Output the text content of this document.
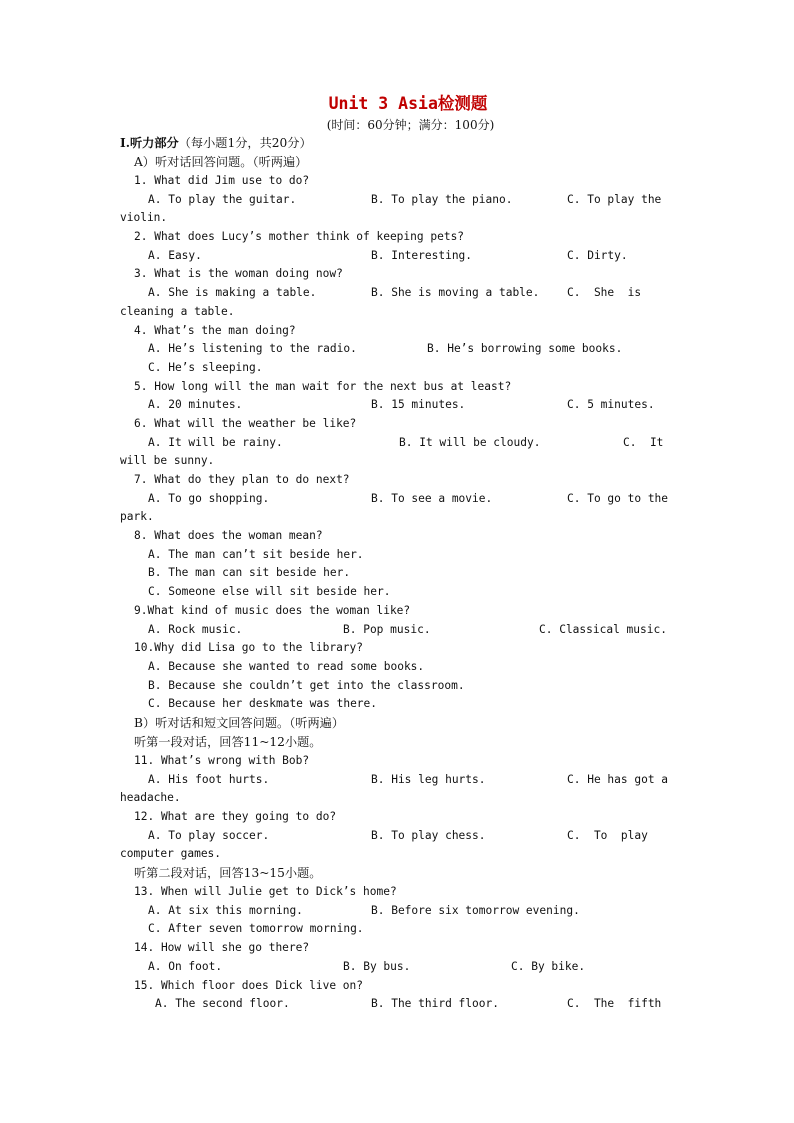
Unit 3 Asia检测题
(时间：60分钟；满分：100分)
Ⅰ.听力部分（每小题1分，共20分）
A）听对话回答问题。（听两遍）
1. What did Jim use to do?
A. To play the guitar.	B. To play the piano.	C. To play the
violin.
2. What does Lucy’s mother think of keeping pets?
A. Easy.	B. Interesting.	C. Dirty.
3. What is the woman doing now?
A. She is making a table.	B. She is moving a table. C.  She  is
cleaning a table.
4. What’s the man doing?
A. He’s listening to the radio.	B. He’s borrowing some books.
C. He’s sleeping.
5. How long will the man wait for the next bus at least?
A. 20 minutes.	B. 15 minutes.	C. 5 minutes.
6. What will the weather be like?
A. It will be rainy.	B. It will be cloudy.	C.  It
will be sunny.
7. What do they plan to do next?
A. To go shopping.	B. To see a movie.	C. To go to the
park.
8. What does the woman mean?
A. The man can’t sit beside her.
B. The man can sit beside her.
C. Someone else will sit beside her.
9.What kind of music does the woman like?
A. Rock music.	B. Pop music.	C. Classical music.
10.Why did Lisa go to the library?
A. Because she wanted to read some books.
B. Because she couldn’t get into the classroom.
C. Because her deskmate was there.
B）听对话和短文回答问题。（听两遍）
听第一段对话，回答11~12小题。
11. What’s wrong with Bob?
A. His foot hurts.	B. His leg hurts.	C. He has got a
headache.
12. What are they going to do?
A. To play soccer.	B. To play chess.	C.  To  play
computer games.
听第二段对话，回答13~15小题。
13. When will Julie get to Dick’s home?
A. At six this morning.	B. Before six tomorrow evening.
C. After seven tomorrow morning.
14. How will she go there?
A. On foot.	B. By bus.	C. By bike.
15. Which floor does Dick live on?
A. The second floor.	B. The third floor.	C.  The  fifth
